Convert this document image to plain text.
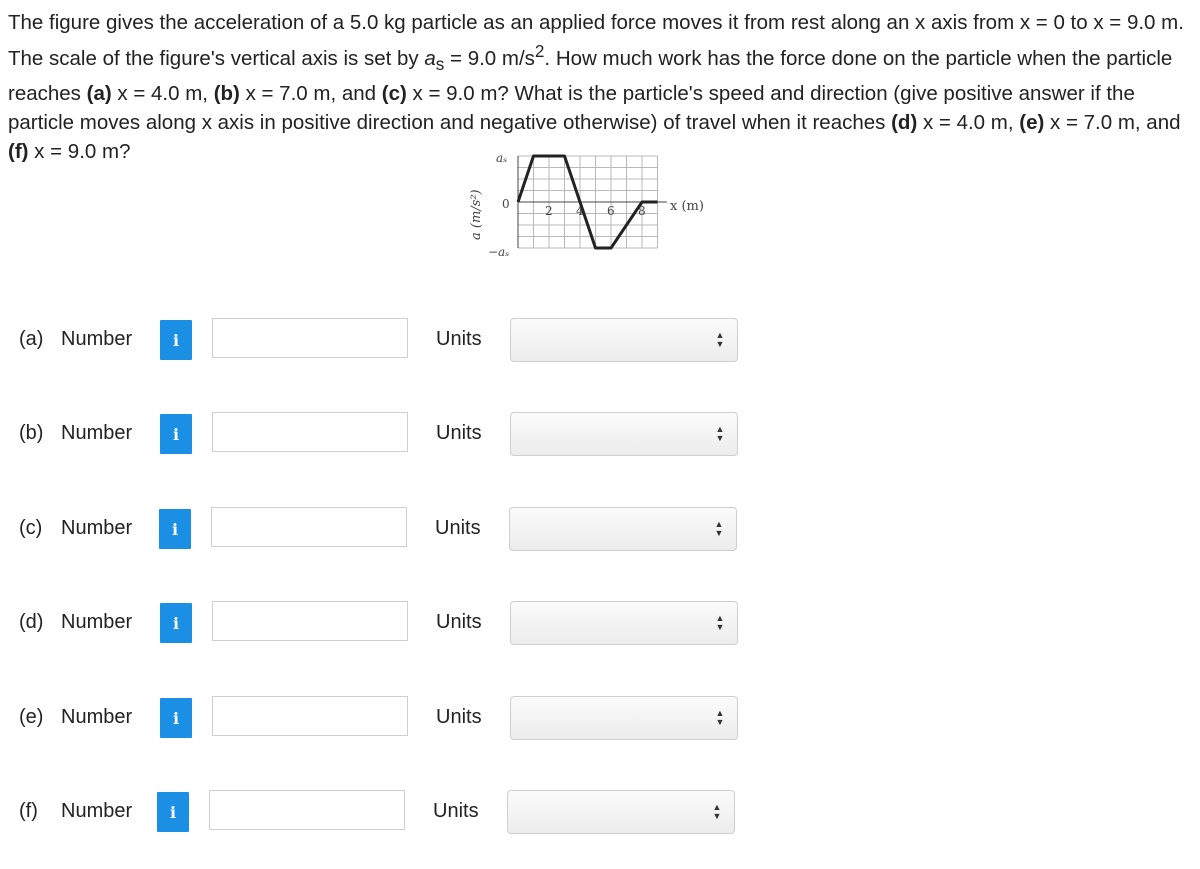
The figure gives the acceleration of a 5.0 kg particle as an applied force moves it from rest along an x axis from x = 0 to x = 9.0 m. The scale of the figure's vertical axis is set by $a_s = 9.0$ $m/s^2$. How much work has the force done on the particle when the particle reaches (a) x = 4.0 m, (b) x = 7.0 m, and (c) x = 9.0 m? What is the particle's speed and direction (give positive answer if the particle moves along x axis in positive direction and negative otherwise) of travel when it reaches (d) x = 4.0 m, (e) x = 7.0 m, and (f) x = 9.0 m?

2 4 6 8
aₛ
0
−aₛ
x (m)
a (m/s²)
(a) Number	i	Units	▲
▼
(b) Number	i	Units	▲
▼
(c) Number i	Units	▲
▼
(d) Number	i	Units	▲
▼
(e) Number	i	Units	▲
▼
(f) Number i	Units	▲
▼
